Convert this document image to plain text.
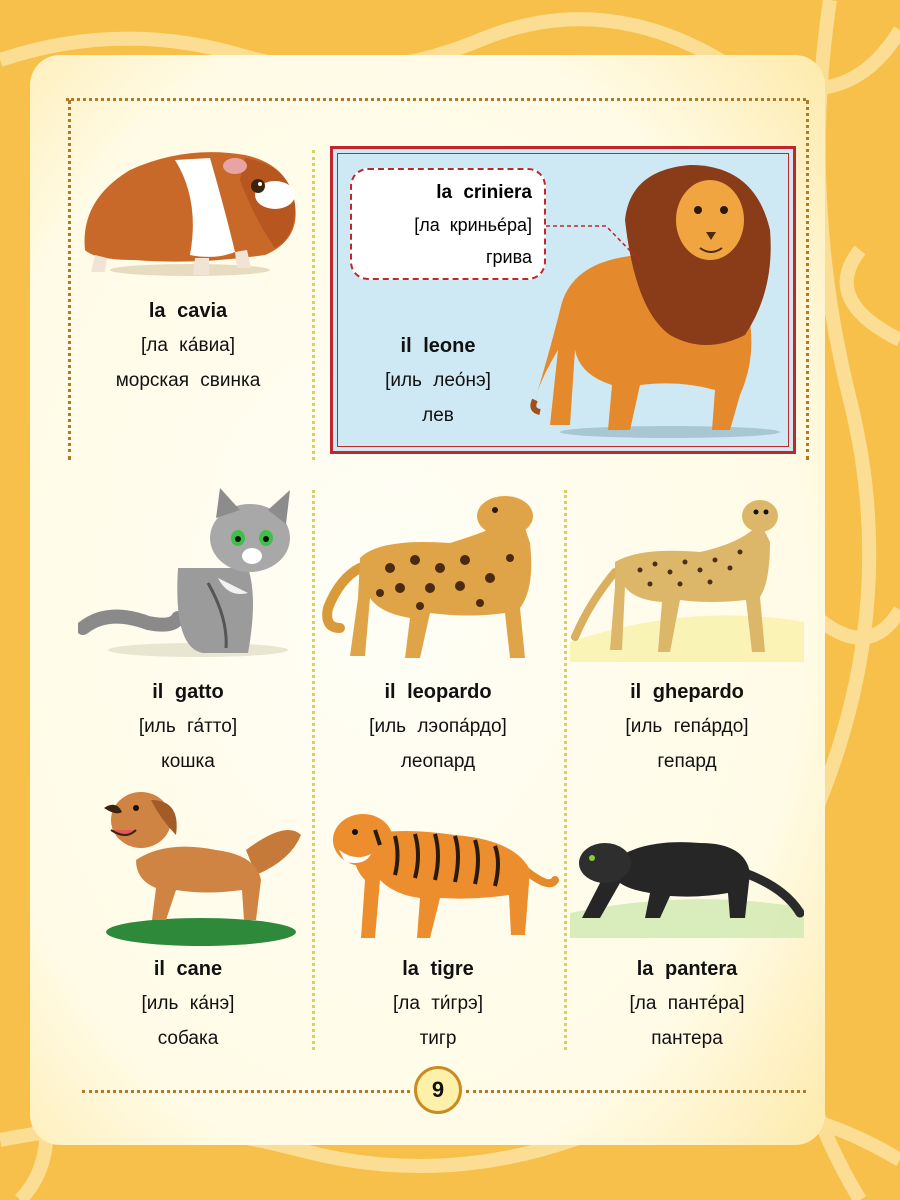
la cavia
[ла ка́виа]
морская свинка
la criniera
[ла криньéра]
грива
il leone
[иль лео́нэ]
лев
il gatto
[иль га́тто]
кошка
il leopardo
[иль лэопа́рдо]
леопард
il ghepardo
[иль гепа́рдо]
гепард
il cane
[иль ка́нэ]
собака
la tigre
[ла ти́грэ]
тигр
la pantera
[ла панте́ра]
пантера
9
